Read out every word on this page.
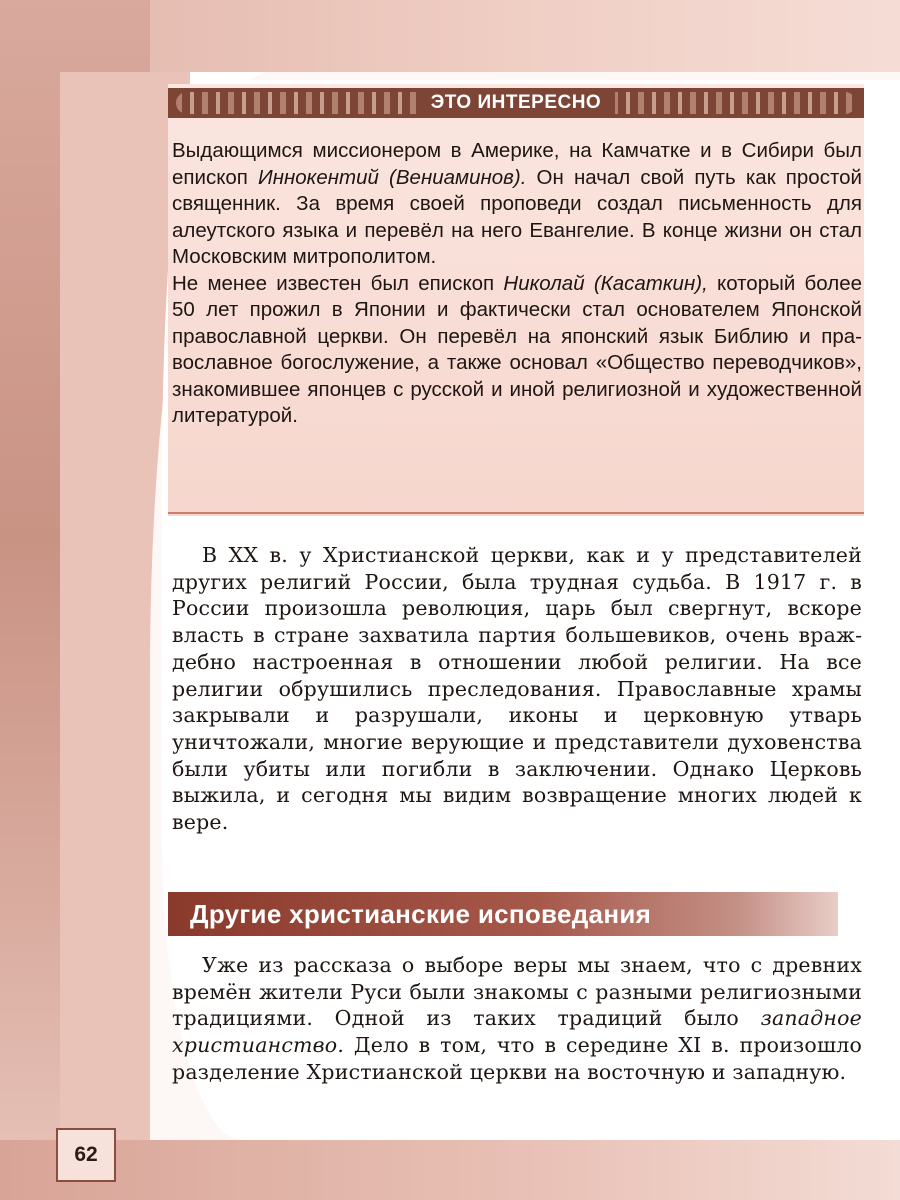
ЭТО ИНТЕРЕСНО

Выдающимся миссионером в Америке, на Камчатке и в Сибири был епископ Иннокентий (Вениаминов). Он начал свой путь как простой священник. За время своей проповеди создал письменность для алеутского языка и перевёл на него Евангелие. В конце жизни он стал Московским митрополитом.

Не менее известен был епископ Николай (Касаткин), который более 50 лет прожил в Японии и фактически стал основателем Японской православной церкви. Он перевёл на японский язык Библию и православное богослужение, а также основал «Общество переводчиков», знакомившее японцев с русской и иной религиозной и художественной литературой.

В XX в. у Христианской церкви, как и у представителей других религий России, была трудная судьба. В 1917 г. в России произошла революция, царь был свергнут, вскоре власть в стране захватила партия большевиков, очень враждебно настроенная в отношении любой религии. На все религии обрушились преследования. Православные храмы закрывали и разрушали, иконы и церковную утварь уничтожали, многие верующие и представители духовенства были убиты или погибли в заключении. Однако Церковь выжила, и сегодня мы видим возвращение многих людей к вере.

Другие христианские исповедания

Уже из рассказа о выборе веры мы знаем, что с древних времён жители Руси были знакомы с разными религиозными традициями. Одной из таких традиций было западное христианство. Дело в том, что в середине XI в. произошло разделение Христианской церкви на восточную и западную.

62
